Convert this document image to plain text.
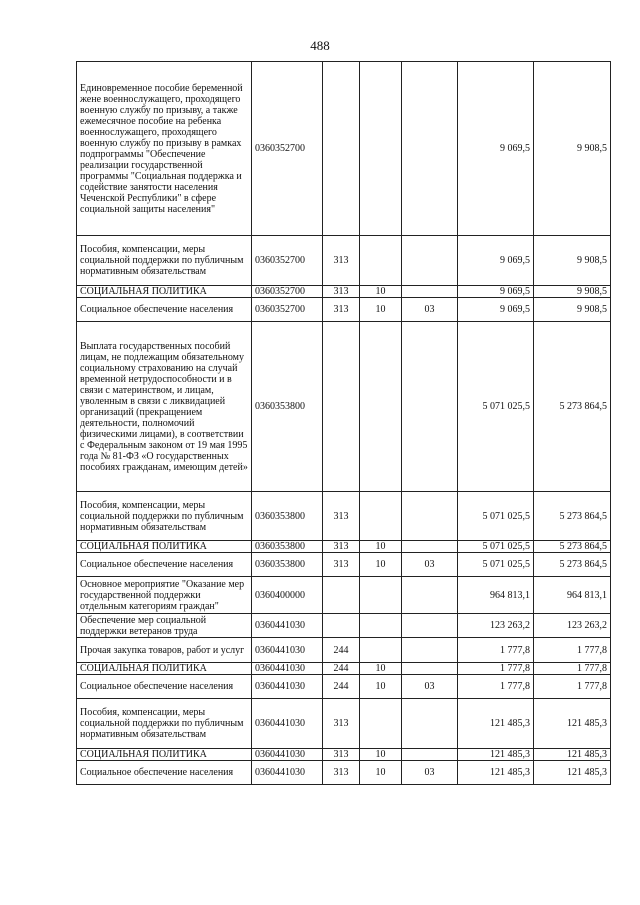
488
Единовременное пособие беременной жене военнослужащего, проходящего военную службу по призыву, а также ежемесячное пособие на ребенка военнослужащего, проходящего военную службу по призыву в рамках подпрограммы "Обеспечение реализации государственной программы "Социальная поддержка и содействие занятости населения Чеченской Республики" в сфере социальной защиты населения"	0360352700				9 069,5	9 908,5
Пособия, компенсации, меры социальной поддержки по публичным нормативным обязательствам	0360352700	313			9 069,5	9 908,5
СОЦИАЛЬНАЯ ПОЛИТИКА	0360352700	313	10		9 069,5	9 908,5
Социальное обеспечение населения	0360352700	313	10	03	9 069,5	9 908,5
Выплата государственных пособий лицам, не подлежащим обязательному социальному страхованию на случай временной нетрудоспособности и в связи с материнством, и лицам, уволенным в связи с ликвидацией организаций (прекращением деятельности, полномочий физическими лицами), в соответствии с Федеральным законом от 19 мая 1995 года № 81-ФЗ «О государственных пособиях гражданам, имеющим детей»	0360353800				5 071 025,5	5 273 864,5
Пособия, компенсации, меры социальной поддержки по публичным нормативным обязательствам	0360353800	313			5 071 025,5	5 273 864,5
СОЦИАЛЬНАЯ ПОЛИТИКА	0360353800	313	10		5 071 025,5	5 273 864,5
Социальное обеспечение населения	0360353800	313	10	03	5 071 025,5	5 273 864,5
Основное мероприятие "Оказание мер государственной поддержки отдельным категориям граждан"	0360400000				964 813,1	964 813,1
Обеспечение мер социальной поддержки ветеранов труда	0360441030				123 263,2	123 263,2
Прочая закупка товаров, работ и услуг	0360441030	244			1 777,8	1 777,8
СОЦИАЛЬНАЯ ПОЛИТИКА	0360441030	244	10		1 777,8	1 777,8
Социальное обеспечение населения	0360441030	244	10	03	1 777,8	1 777,8
Пособия, компенсации, меры социальной поддержки по публичным нормативным обязательствам	0360441030	313			121 485,3	121 485,3
СОЦИАЛЬНАЯ ПОЛИТИКА	0360441030	313	10		121 485,3	121 485,3
Социальное обеспечение населения	0360441030	313	10	03	121 485,3	121 485,3
